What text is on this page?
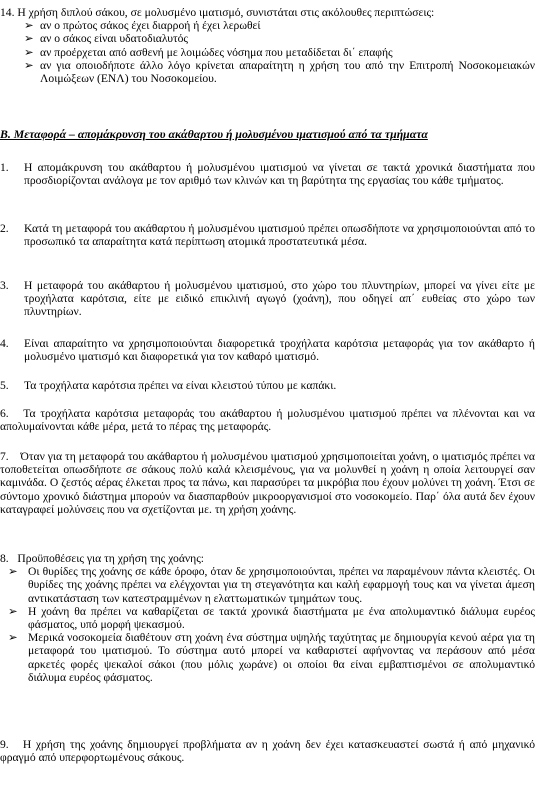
14. Η χρήση διπλού σάκου, σε μολυσμένο ιματισμό, συνιστάται στις ακόλουθες περιπτώσεις:

➢ αν ο πρώτος σάκος έχει διαρροή ή έχει λερωθεί

➢ αν ο σάκος είναι υδατοδιαλυτός

➢ αν προέρχεται από ασθενή με λοιμώδες νόσημα που μεταδίδεται δι΄ επαφής

➢ αν για οποιοδήποτε άλλο λόγο κρίνεται απαραίτητη η χρήση του από την Επιτροπή Νοσοκομειακών Λοιμώξεων (ΕΝΛ) του Νοσοκομείου.

Β. Μεταφορά – απομάκρυνση του ακάθαρτου ή μολυσμένου ιματισμού από τα τμήματα

1. Η απομάκρυνση του ακάθαρτου ή μολυσμένου ιματισμού να γίνεται σε τακτά χρονικά διαστήματα που προσδιορίζονται ανάλογα με τον αριθμό των κλινών και τη βαρύτητα της εργασίας του κάθε τμήματος.

2. Κατά τη μεταφορά του ακάθαρτου ή μολυσμένου ιματισμού πρέπει οπωσδήποτε να χρησιμοποιούνται από το προσωπικό τα απαραίτητα κατά περίπτωση ατομικά προστατευτικά μέσα.

3. Η μεταφορά του ακάθαρτου ή μολυσμένου ιματισμού, στο χώρο του πλυντηρίων, μπορεί να γίνει είτε με τροχήλατα καρότσια, είτε με ειδικό επικλινή αγωγό (χοάνη), που οδηγεί απ΄ ευθείας στο χώρο των πλυντηρίων.

4. Είναι απαραίτητο να χρησιμοποιούνται διαφορετικά τροχήλατα καρότσια μεταφοράς για τον ακάθαρτο ή μολυσμένο ιματισμό και διαφορετικά για τον καθαρό ιματισμό.

5. Τα τροχήλατα καρότσια πρέπει να είναι κλειστού τύπου με καπάκι.

6. Τα τροχήλατα καρότσια μεταφοράς του ακάθαρτου ή μολυσμένου ιματισμού πρέπει να πλένονται και να απολυμαίνονται κάθε μέρα, μετά το πέρας της μεταφοράς.

7. Όταν για τη μεταφορά του ακάθαρτου ή μολυσμένου ιματισμού χρησιμοποιείται χοάνη, ο ιματισμός πρέπει να τοποθετείται οπωσδήποτε σε σάκους πολύ καλά κλεισμένους, για να μολυνθεί η χοάνη η οποία λειτουργεί σαν καμινάδα. Ο ζεστός αέρας έλκεται προς τα πάνω, και παρασύρει τα μικρόβια που έχουν μολύνει τη χοάνη. Έτσι σε σύντομο χρονικό διάστημα μπορούν να διασπαρθούν μικροοργανισμοί στο νοσοκομείο. Παρ΄ όλα αυτά δεν έχουν καταγραφεί μολύνσεις που να σχετίζονται με. τη χρήση χοάνης.

8. Προϋποθέσεις για τη χρήση της χοάνης:

➢ Οι θυρίδες της χοάνης σε κάθε όροφο, όταν δε χρησιμοποιούνται, πρέπει να παραμένουν πάντα κλειστές. Οι θυρίδες της χοάνης πρέπει να ελέγχονται για τη στεγανότητα και καλή εφαρμογή τους και να γίνεται άμεση αντικατάσταση των κατεστραμμένων η ελαττωματικών τμημάτων τους.

➢ Η χοάνη θα πρέπει να καθαρίζεται σε τακτά χρονικά διαστήματα με ένα απολυμαντικό διάλυμα ευρέος φάσματος, υπό μορφή ψεκασμού.

➢ Μερικά νοσοκομεία διαθέτουν στη χοάνη ένα σύστημα υψηλής ταχύτητας με δημιουργία κενού αέρα για τη μεταφορά του ιματισμού. Το σύστημα αυτό μπορεί να καθαριστεί αφήνοντας να περάσουν από μέσα αρκετές φορές ψεκαλοί σάκοι (που μόλις χωράνε) οι οποίοι θα είναι εμβαπτισμένοι σε απολυμαντικό διάλυμα ευρέος φάσματος.

9. Η χρήση της χοάνης δημιουργεί προβλήματα αν η χοάνη δεν έχει κατασκευαστεί σωστά ή από μηχανικό φραγμό από υπερφορτωμένους σάκους.
